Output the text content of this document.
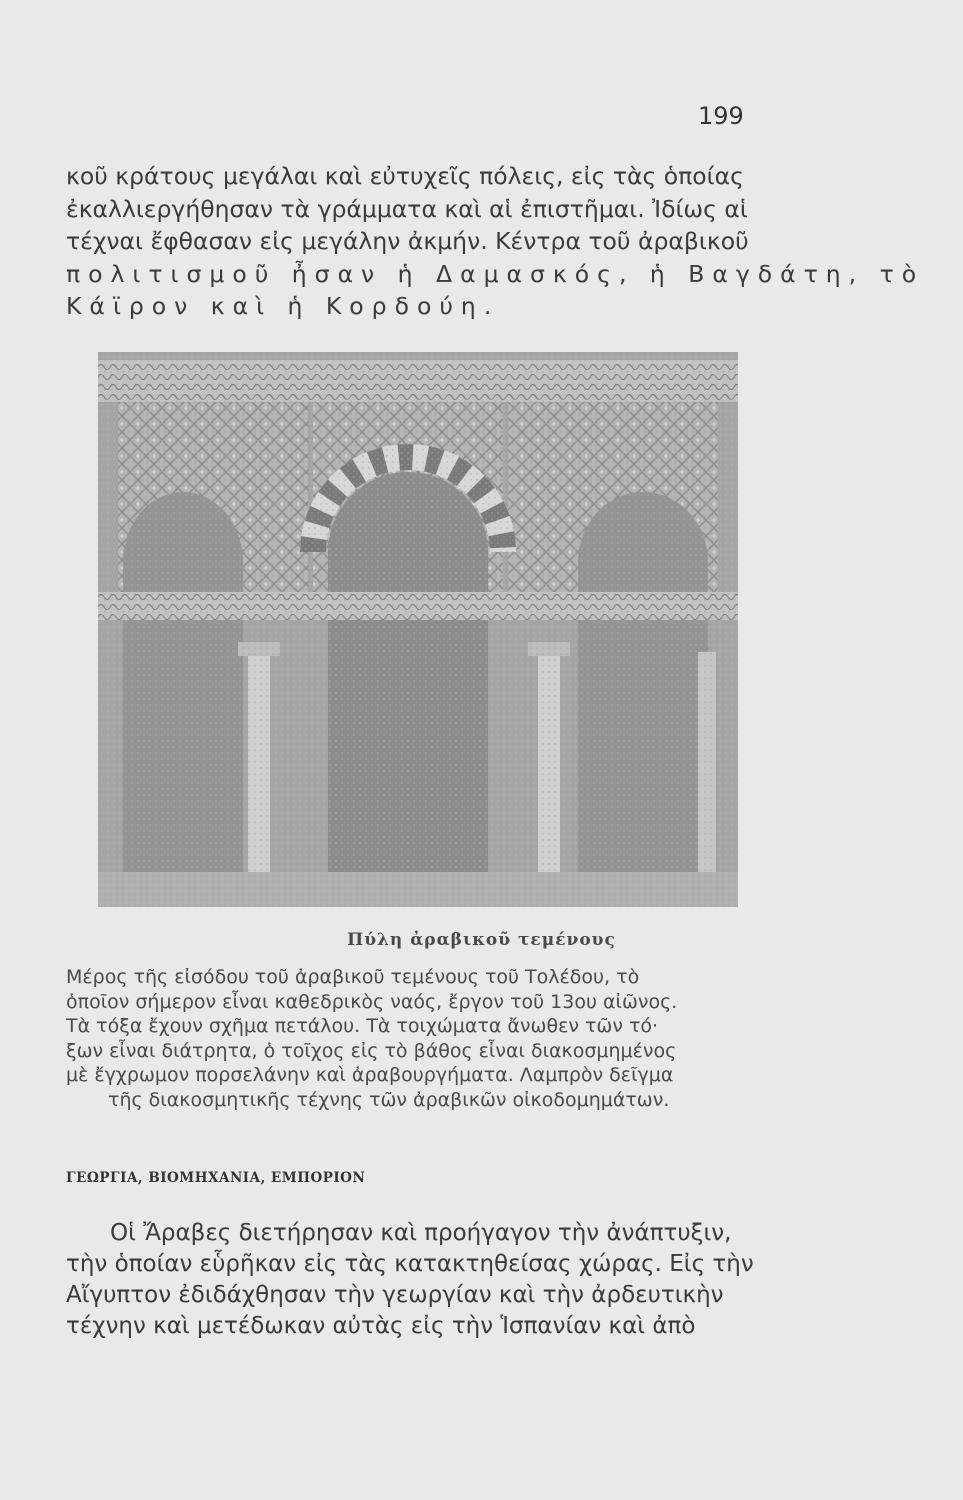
199
κοῦ κράτους μεγάλαι καὶ εὐτυχεῖς πόλεις, εἰς τὰς ὁποίας
ἐκαλλιεργήθησαν τὰ γράμματα καὶ αἱ ἐπιστῆμαι. Ἰδίως αἱ
τέχναι ἔφθασαν εἰς μεγάλην ἀκμήν. Κέντρα τοῦ ἀραβικοῦ
πολιτισμοῦ ἦσαν ἡ Δαμασκός, ἡ Βαγδάτη, τὸ
Κάϊρον καὶ ἡ Κορδούη.
Πύλη ἀραβικοῦ τεμένους
Μέρος τῆς εἰσόδου τοῦ ἀραβικοῦ τεμένους τοῦ Τολέδου, τὸ
ὁποῖον σήμερον εἶναι καθεδρικὸς ναός, ἔργον τοῦ 13ου αἰῶνος.
Τὰ τόξα ἔχουν σχῆμα πετάλου. Τὰ τοιχώματα ἄνωθεν τῶν τό·
ξων εἶναι διάτρητα, ὁ τοῖχος εἰς τὸ βάθος εἶναι διακοσμημένος
μὲ ἔγχρωμον πορσελάνην καὶ ἀραβουργήματα. Λαμπρὸν δεῖγμα
τῆς διακοσμητικῆς τέχνης τῶν ἀραβικῶν οἰκοδομημάτων.
ΓΕΩΡΓΙΑ, ΒΙΟΜΗΧΑΝΙΑ, ΕΜΠΟΡΙΟΝ
Οἱ Ἄραβες διετήρησαν καὶ προήγαγον τὴν ἀνάπτυξιν,
τὴν ὁποίαν εὗρῆκαν εἰς τὰς κατακτηθείσας χώρας. Εἰς τὴν
Αἴγυπτον ἐδιδάχθησαν τὴν γεωργίαν καὶ τὴν ἀρδευτικὴν
τέχνην καὶ μετέδωκαν αὐτὰς εἰς τὴν Ἱσπανίαν καὶ ἀπὸ
